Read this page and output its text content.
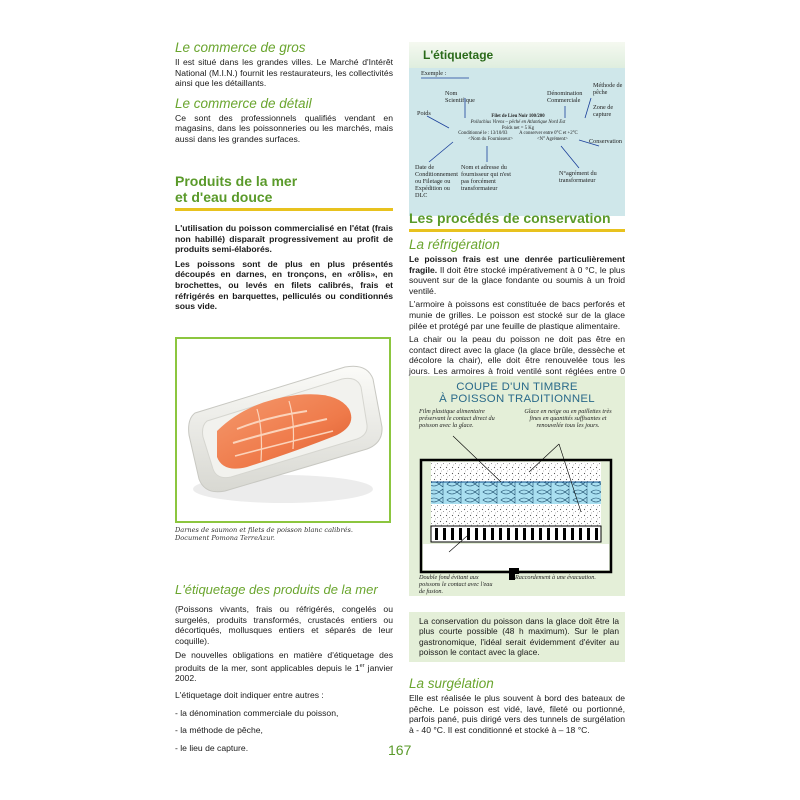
Le commerce de gros

Il est situé dans les grandes villes. Le Marché d'Intérêt National (M.I.N.) fournit les restaurateurs, les collectivités ainsi que les détaillants.

Le commerce de détail

Ce sont des professionnels qualifiés vendant en magasins, dans les poissonneries ou les marchés, mais aussi dans les grandes surfaces.

Produits de la mer
et d'eau douce

L'utilisation du poisson commercialisé en l'état (frais non habillé) disparaît progressivement au profit de produits semi-élaborés.

Les poissons sont de plus en plus présentés découpés en darnes, en tronçons, en «rôlis», en brochettes, ou levés en filets calibrés, frais et réfrigérés en barquettes, pelliculés ou conditionnés sous vide.

Darnes de saumon et filets de poisson blanc calibrés.
Document Pomona TerreAzur.
L'étiquetage des produits de la mer

(Poissons vivants, frais ou réfrigérés, congelés ou surgelés, produits transformés, crustacés entiers ou décortiqués, mollusques entiers et séparés de leur coquille).

De nouvelles obligations en matière d'étiquetage des produits de la mer, sont applicables depuis le 1er janvier 2002.

L'étiquetage doit indiquer entre autres :

- la dénomination commerciale du poisson,

- la méthode de pêche,

- le lieu de capture.

L'étiquetage
Exemple :
Nom Scientifique
Dénomination Commerciale
Méthode de pêche
Zone de capture
Poids	Filet de Lieu Noir 100/200
Pollachius Virens – pêché en Atlantique Nord Est
Poids net = 5 Kg
Conditionné le : 13/10/03          A conserver entre 0°C et +2°C
<Nom du Fournisseur>                    <N° Agrément>	Conservation
Date de Conditionnement ou Filetage ou Expédition ou DLC
Nom et adresse du fournisseur qui n'est pas forcément transformateur
N°agrément du transformateur
Les procédés de conservation
La réfrigération

Le poisson frais est une denrée particulièrement fragile. Il doit être stocké impérativement à 0 °C, le plus souvent sur de la glace fondante ou soumis à un froid ventilé.

L'armoire à poissons est constituée de bacs perforés et munie de grilles. Le poisson est stocké sur de la glace pilée et protégé par une feuille de plastique alimentaire.

La chair ou la peau du poisson ne doit pas être en contact direct avec la glace (la glace brûle, dessèche et décolore la chair), elle doit être renouvelée tous les jours. Les armoires à froid ventilé sont réglées entre 0

COUPE D'UN TIMBRE
À POISSON TRADITIONNEL
Film plastique alimentaire préservant le contact direct du poisson avec la glace.
Glace en neige ou en paillettes très fines en quantités suffisantes et renouvelée tous les jours.
Double fond évitant aux poissons le contact avec l'eau de fusion.
Raccordement à une évacuation.

La conservation du poisson dans la glace doit être la plus courte possible (48 h maximum). Sur le plan gastronomique, l'idéal serait évidemment d'éviter au poisson le contact avec la glace.

La surgélation

Elle est réalisée le plus souvent à bord des bateaux de pêche. Le poisson est vidé, lavé, fileté ou portionné, parfois pané, puis dirigé vers des tunnels de surgélation à - 40 °C. Il est conditionné et stocké à – 18 °C.

167
